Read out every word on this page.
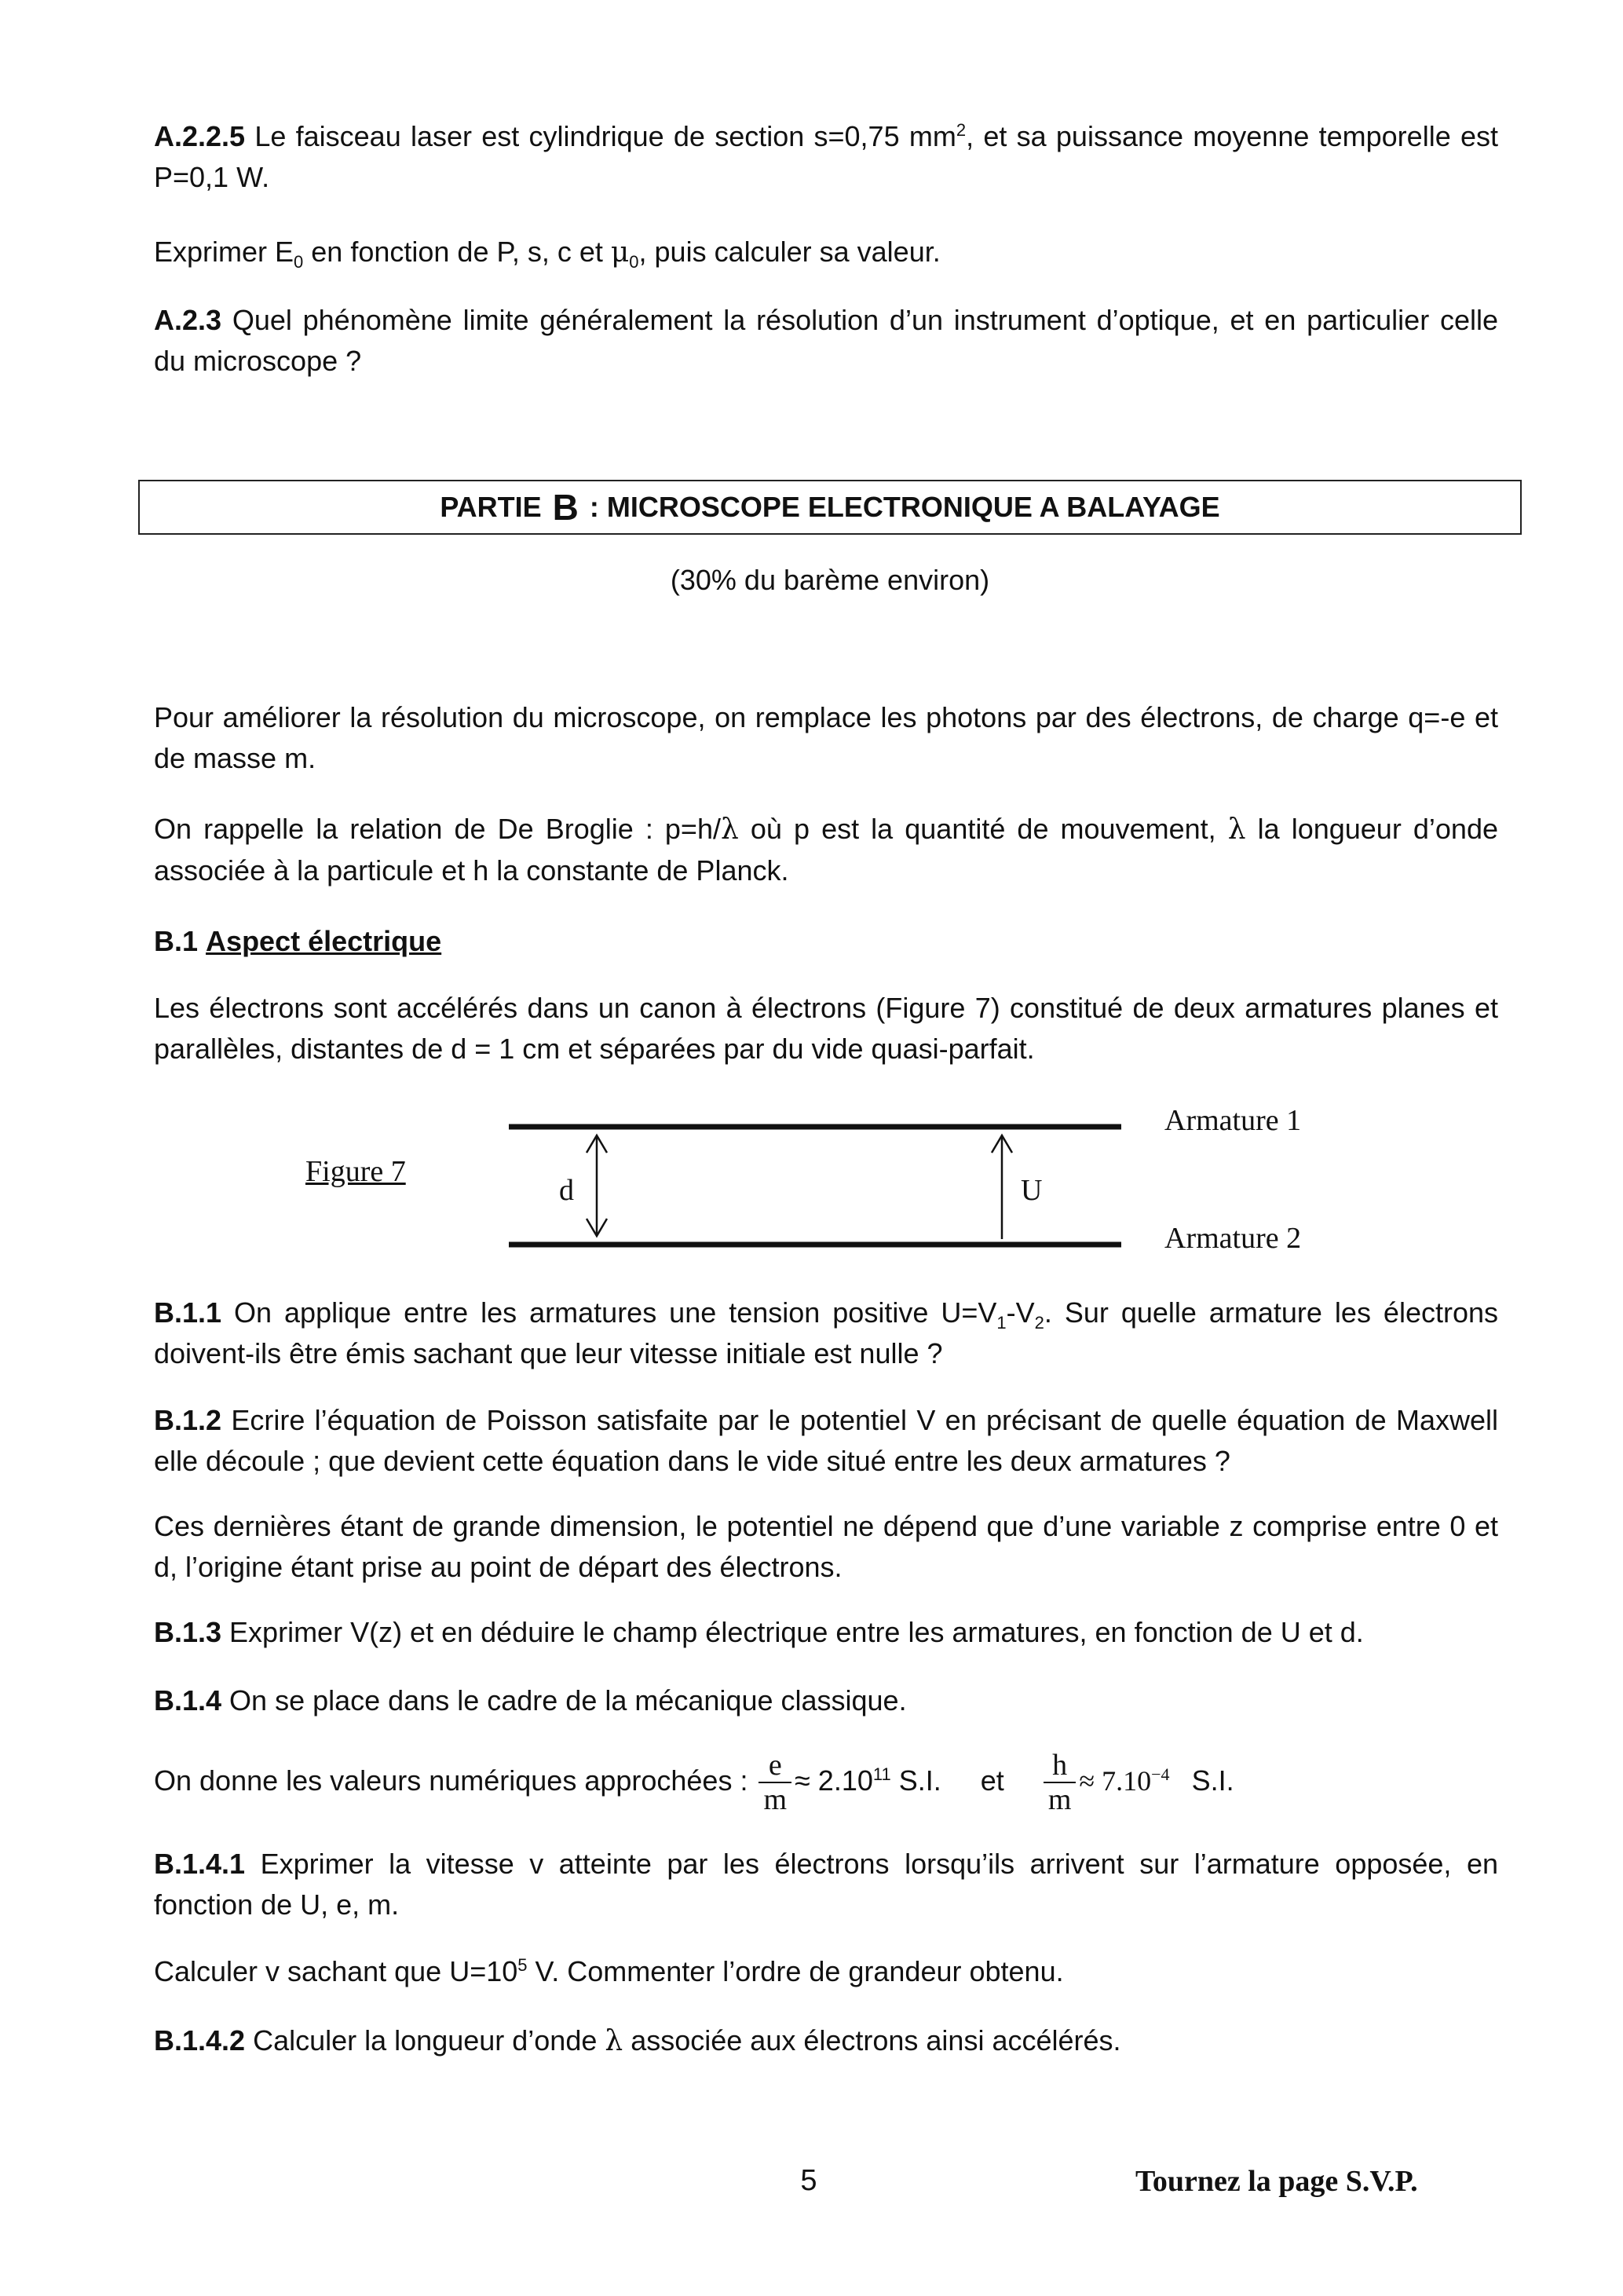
A.2.2.5 Le faisceau laser est cylindrique de section s=0,75 $mm^2$, et sa puissance moyenne temporelle est P=0,1 W.
Exprimer $E_0$ en fonction de P, s, c et $\mu_0$, puis calculer sa valeur.
A.2.3 Quel phénomène limite généralement la résolution d’un instrument d’optique, et en particulier celle du microscope ?
PARTIE B : MICROSCOPE ELECTRONIQUE A BALAYAGE
(30% du barème environ)
Pour améliorer la résolution du microscope, on remplace les photons par des électrons, de charge q=-e et de masse m.
On rappelle la relation de De Broglie : p=h/λ où p est la quantité de mouvement, λ la longueur d’onde associée à la particule et h la constante de Planck.
B.1 Aspect électrique
Les électrons sont accélérés dans un canon à électrons (Figure 7) constitué de deux armatures planes et parallèles, distantes de d = 1 cm et séparées par du vide quasi-parfait.
Figure 7
Armature 1
Armature 2
d	U
B.1.1 On applique entre les armatures une tension positive $U=V_1-V_2$. Sur quelle armature les électrons doivent-ils être émis sachant que leur vitesse initiale est nulle ?
B.1.2 Ecrire l’équation de Poisson satisfaite par le potentiel V en précisant de quelle équation de Maxwell elle découle ; que devient cette équation dans le vide situé entre les deux armatures ?
Ces dernières étant de grande dimension, le potentiel ne dépend que d’une variable z comprise entre 0 et d, l’origine étant prise au point de départ des électrons.
B.1.3 Exprimer V(z) et en déduire le champ électrique entre les armatures, en fonction de U et d.
B.1.4 On se place dans le cadre de la mécanique classique.
On donne les valeurs numériques approchées : $\frac{e}{m} \approx 2.10^{11}$ S.I. et $\frac{h}{m} \approx 7.10^{-4}$ S.I.
B.1.4.1 Exprimer la vitesse v atteinte par les électrons lorsqu’ils arrivent sur l’armature opposée, en fonction de U, e, m.
Calculer v sachant que $U=10^5$ V. Commenter l’ordre de grandeur obtenu.
B.1.4.2 Calculer la longueur d’onde λ associée aux électrons ainsi accélérés.
5	Tournez la page S.V.P.
